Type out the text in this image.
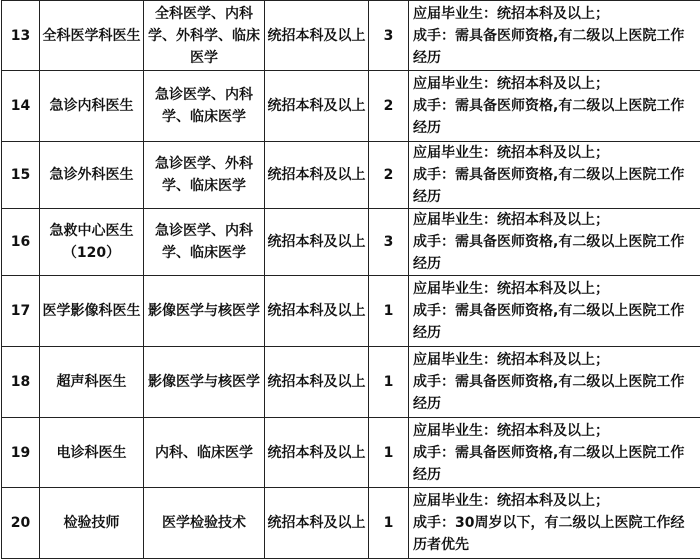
13	全科医学科医生	全科医学、内科学、外科学、临床医学	统招本科及以上	3	应届毕业生：统招本科及以上；
成手：需具备医师资格,有二级以上医院工作经历

14	急诊内科医生	急诊医学、内科学、临床医学	统招本科及以上	2	应届毕业生：统招本科及以上；
成手：需具备医师资格,有二级以上医院工作经历

15	急诊外科医生	急诊医学、外科学、临床医学	统招本科及以上	2	应届毕业生：统招本科及以上；
成手：需具备医师资格,有二级以上医院工作经历

16	急救中心医生（120）	急诊医学、内科学、临床医学	统招本科及以上	3	应届毕业生：统招本科及以上；
成手：需具备医师资格,有二级以上医院工作经历

17	医学影像科医生	影像医学与核医学	统招本科及以上	1	应届毕业生：统招本科及以上；
成手：需具备医师资格,有二级以上医院工作经历

18	超声科医生	影像医学与核医学	统招本科及以上	1	应届毕业生：统招本科及以上；
成手：需具备医师资格,有二级以上医院工作经历

19	电诊科医生	内科、临床医学	统招本科及以上	1	应届毕业生：统招本科及以上；
成手：需具备医师资格,有二级以上医院工作经历

20	检验技师	医学检验技术	统招本科及以上	1	应届毕业生：统招本科及以上；
成手：30周岁以下，有二级以上医院工作经历者优先
